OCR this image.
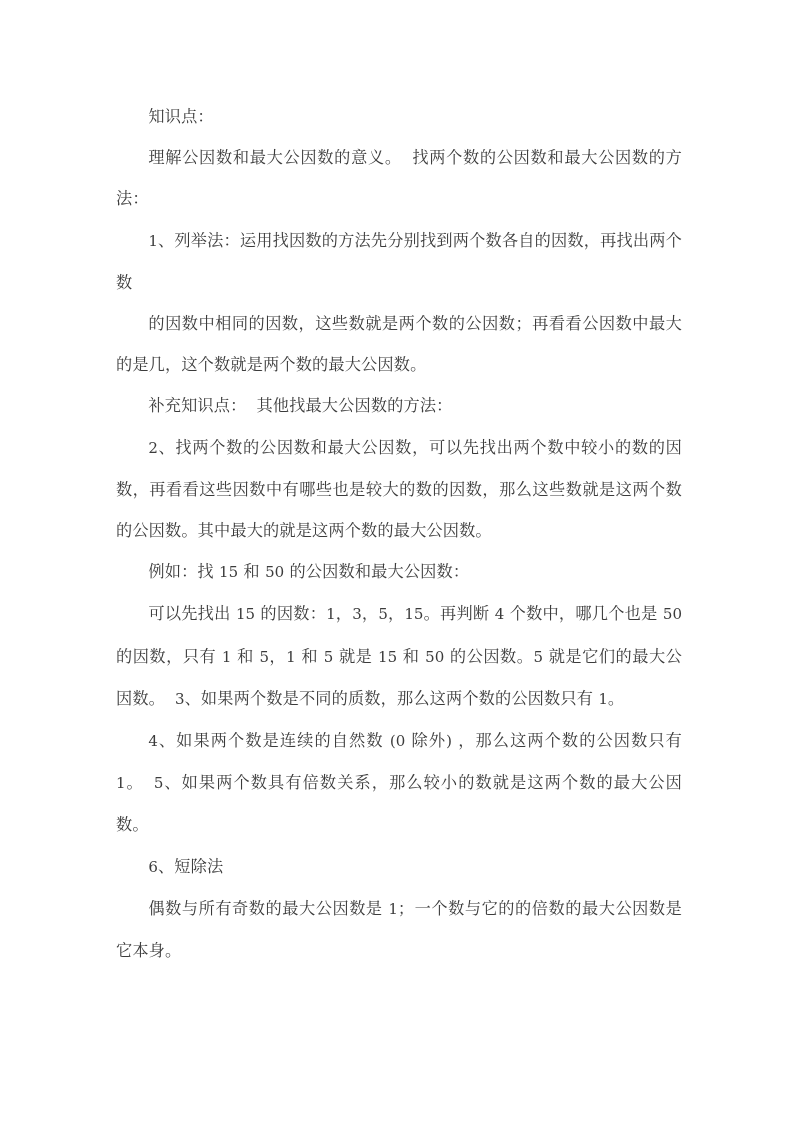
知识点：

理解公因数和最大公因数的意义。 找两个数的公因数和最大公因数的方法：

1、列举法：运用找因数的方法先分别找到两个数各自的因数，再找出两个数

的因数中相同的因数，这些数就是两个数的公因数；再看看公因数中最大的是几，这个数就是两个数的最大公因数。

补充知识点： 其他找最大公因数的方法：

2、找两个数的公因数和最大公因数，可以先找出两个数中较小的数的因数，再看看这些因数中有哪些也是较大的数的因数，那么这些数就是这两个数的公因数。其中最大的就是这两个数的最大公因数。

例如：找 15 和 50 的公因数和最大公因数：

可以先找出 15 的因数：1，3，5，15。再判断 4 个数中，哪几个也是 50 的因数，只有 1 和 5，1 和 5 就是 15 和 50 的公因数。5 就是它们的最大公因数。 3、如果两个数是不同的质数，那么这两个数的公因数只有 1。

4、如果两个数是连续的自然数 (0 除外) ，那么这两个数的公因数只有 1。 5、如果两个数具有倍数关系，那么较小的数就是这两个数的最大公因数。

6、短除法

偶数与所有奇数的最大公因数是 1；一个数与它的的倍数的最大公因数是它本身。
